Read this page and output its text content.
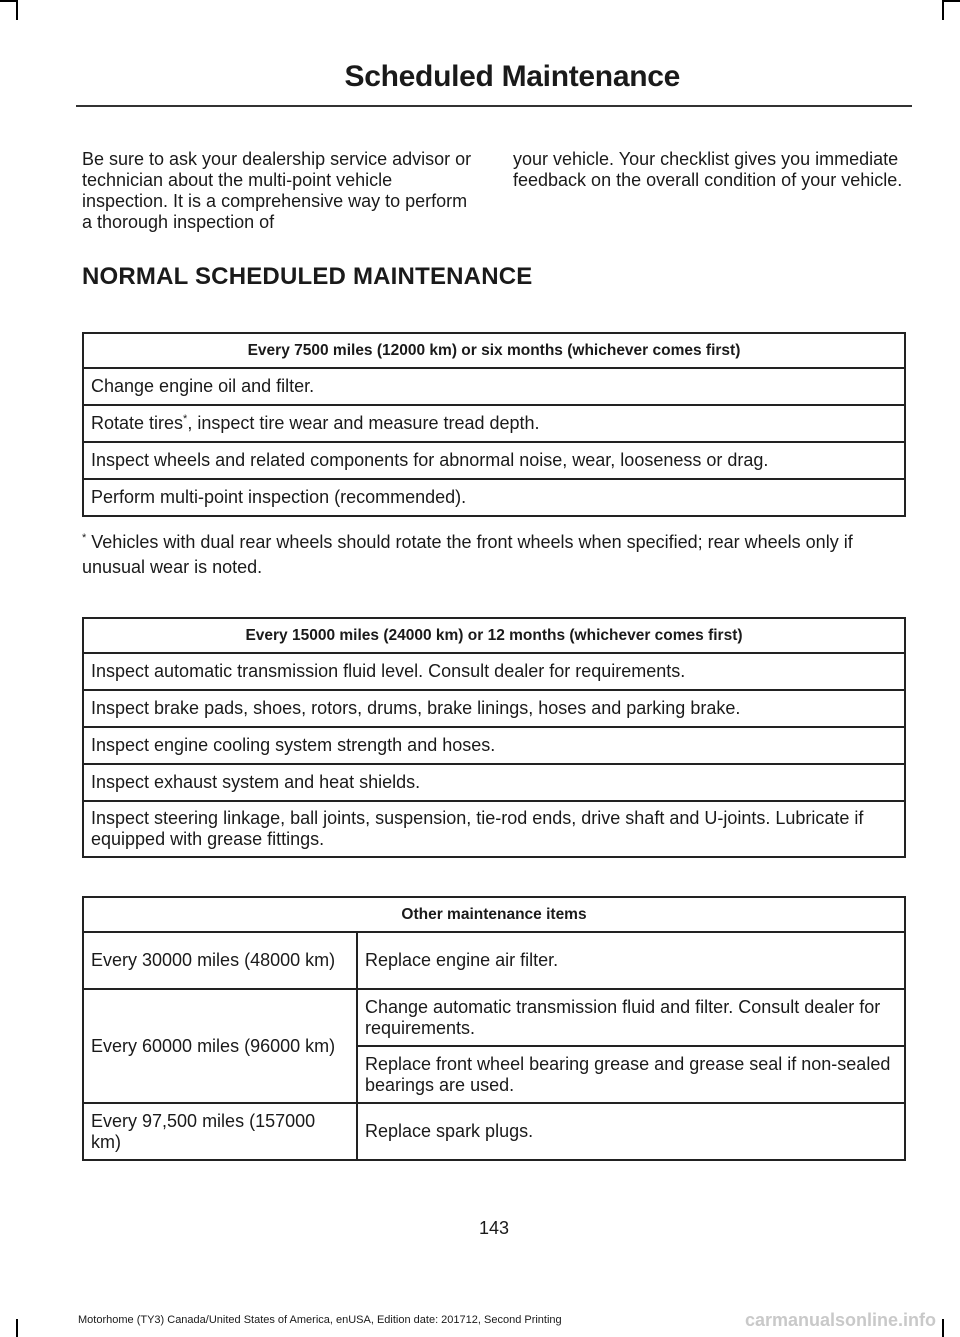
Scheduled Maintenance

Be sure to ask your dealership service advisor or technician about the multi-point vehicle inspection. It is a comprehensive way to perform a thorough inspection of

your vehicle. Your checklist gives you immediate feedback on the overall condition of your vehicle.

NORMAL SCHEDULED MAINTENANCE
Every 7500 miles (12000 km) or six months (whichever comes first)
Change engine oil and filter.
Rotate tires*, inspect tire wear and measure tread depth.
Inspect wheels and related components for abnormal noise, wear, looseness or drag.
Perform multi-point inspection (recommended).
* Vehicles with dual rear wheels should rotate the front wheels when specified; rear wheels only if unusual wear is noted.
Every 15000 miles (24000 km) or 12 months (whichever comes first)
Inspect automatic transmission fluid level. Consult dealer for requirements.
Inspect brake pads, shoes, rotors, drums, brake linings, hoses and parking brake.
Inspect engine cooling system strength and hoses.
Inspect exhaust system and heat shields.
Inspect steering linkage, ball joints, suspension, tie-rod ends, drive shaft and U-joints. Lubricate if equipped with grease fittings.
Other maintenance items	
Every 30000 miles (48000 km)	Replace engine air filter.
Every 60000 miles (96000 km)	Change automatic transmission fluid and filter. Consult dealer for requirements.
	Replace front wheel bearing grease and grease seal if non-sealed bearings are used.
Every 97,500 miles (157000 km)	Replace spark plugs.
143
Motorhome (TY3) Canada/United States of America, enUSA, Edition date: 201712, Second Printing	carmanualsonline.info
